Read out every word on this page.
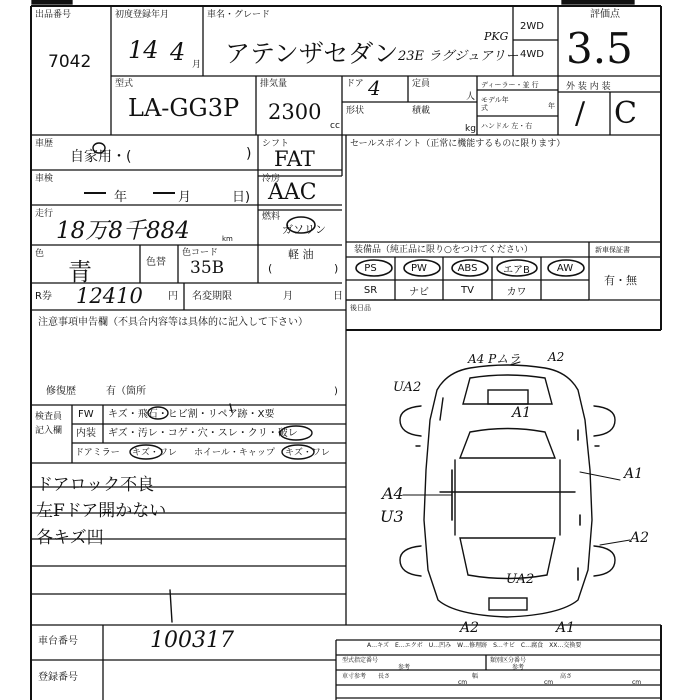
出品番号
7042
初度登録年月
14 4 月
車名・グレード
アテンザセダン
PKG
23E ラグジュアリー
2WD
4WD
評価点
3.5
型式
LA-GG3P
排気量
2300
cc
ドア 4	定員
人
形状	積載
kg
ディーラー・並 行
モデル年式	年
ハンドル 左・右
外 装 内 装
/ C
車歴
自家用・(	)
シフト
FAT
セールスポイント（正常に機能するものに限ります）
車検
年	月	日)
冷房
AAC
走行
18万8千884	km
燃料
ガソリン
軽 油
(	)
色
青	色替
色コード
35B
装備品（純正品に限り○をつけてください）
PS	PW	ABS	エアB	AW
SR	ナビ	TV	カワ
新車保証書
有・無
後日品
R券 12410	円 名変期限	月	日
注意事項申告欄（不具合内容等は具体的に記入して下さい）
修復歴	有（箇所	)
検査員
記入欄
FW キズ・飛石・ヒビ割・リペア跡・X要
内装 ギズ・汚レ・コゲ・穴・スレ・クリ・破レ
ドアミラー キズ・ワレ ホイール・キャップ キズ・ワレ
ドアロック不良
左Fドア開かない
各キズ凹
A4 Pムラ A2
UA2
A1
A1
A4
U3
A2
UA2
A2	A1
A…キズ　E…エクボ　U…凹み　W…修理跡　S…サビ　C…腐食　XX…交換要
車台番号	100317
登録番号
型式指定番号
参考
類別区分番号
参考
車寸参考 長さ
cm
幅
cm
高さ
cm
